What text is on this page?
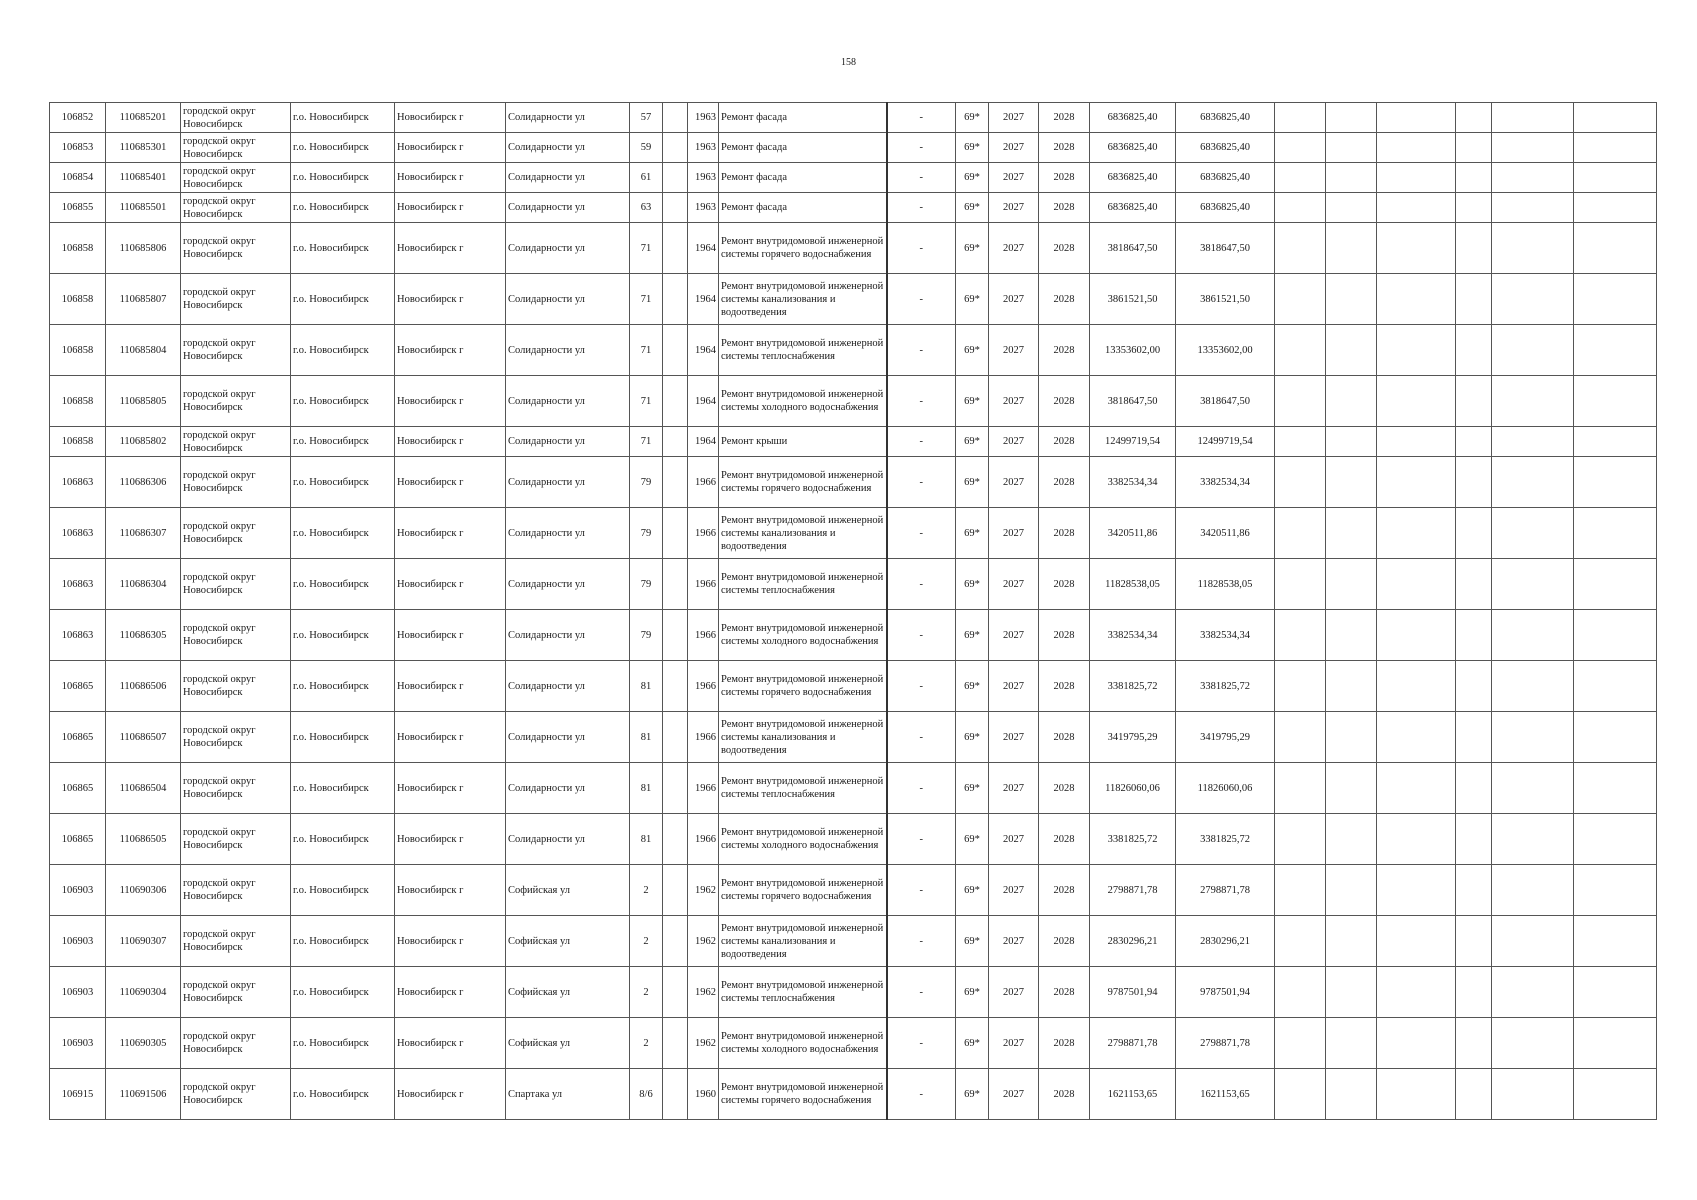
158
106852	110685201	городской округ Новосибирск	г.о. Новосибирск	Новосибирск г	Солидарности ул	57		1963	Ремонт фасада	-	69*	2027	2028	6836825,40	6836825,40						
106853	110685301	городской округ Новосибирск	г.о. Новосибирск	Новосибирск г	Солидарности ул	59		1963	Ремонт фасада	-	69*	2027	2028	6836825,40	6836825,40						
106854	110685401	городской округ Новосибирск	г.о. Новосибирск	Новосибирск г	Солидарности ул	61		1963	Ремонт фасада	-	69*	2027	2028	6836825,40	6836825,40						
106855	110685501	городской округ Новосибирск	г.о. Новосибирск	Новосибирск г	Солидарности ул	63		1963	Ремонт фасада	-	69*	2027	2028	6836825,40	6836825,40						
106858	110685806	городской округ Новосибирск	г.о. Новосибирск	Новосибирск г	Солидарности ул	71		1964	Ремонт внутридомовой инженерной системы горячего водоснабжения	-	69*	2027	2028	3818647,50	3818647,50						
106858	110685807	городской округ Новосибирск	г.о. Новосибирск	Новосибирск г	Солидарности ул	71		1964	Ремонт внутридомовой инженерной системы канализования и водоотведения	-	69*	2027	2028	3861521,50	3861521,50						
106858	110685804	городской округ Новосибирск	г.о. Новосибирск	Новосибирск г	Солидарности ул	71		1964	Ремонт внутридомовой инженерной системы теплоснабжения	-	69*	2027	2028	13353602,00	13353602,00						
106858	110685805	городской округ Новосибирск	г.о. Новосибирск	Новосибирск г	Солидарности ул	71		1964	Ремонт внутридомовой инженерной системы холодного водоснабжения	-	69*	2027	2028	3818647,50	3818647,50						
106858	110685802	городской округ Новосибирск	г.о. Новосибирск	Новосибирск г	Солидарности ул	71		1964	Ремонт крыши	-	69*	2027	2028	12499719,54	12499719,54						
106863	110686306	городской округ Новосибирск	г.о. Новосибирск	Новосибирск г	Солидарности ул	79		1966	Ремонт внутридомовой инженерной системы горячего водоснабжения	-	69*	2027	2028	3382534,34	3382534,34						
106863	110686307	городской округ Новосибирск	г.о. Новосибирск	Новосибирск г	Солидарности ул	79		1966	Ремонт внутридомовой инженерной системы канализования и водоотведения	-	69*	2027	2028	3420511,86	3420511,86						
106863	110686304	городской округ Новосибирск	г.о. Новосибирск	Новосибирск г	Солидарности ул	79		1966	Ремонт внутридомовой инженерной системы теплоснабжения	-	69*	2027	2028	11828538,05	11828538,05						
106863	110686305	городской округ Новосибирск	г.о. Новосибирск	Новосибирск г	Солидарности ул	79		1966	Ремонт внутридомовой инженерной системы холодного водоснабжения	-	69*	2027	2028	3382534,34	3382534,34						
106865	110686506	городской округ Новосибирск	г.о. Новосибирск	Новосибирск г	Солидарности ул	81		1966	Ремонт внутридомовой инженерной системы горячего водоснабжения	-	69*	2027	2028	3381825,72	3381825,72						
106865	110686507	городской округ Новосибирск	г.о. Новосибирск	Новосибирск г	Солидарности ул	81		1966	Ремонт внутридомовой инженерной системы канализования и водоотведения	-	69*	2027	2028	3419795,29	3419795,29						
106865	110686504	городской округ Новосибирск	г.о. Новосибирск	Новосибирск г	Солидарности ул	81		1966	Ремонт внутридомовой инженерной системы теплоснабжения	-	69*	2027	2028	11826060,06	11826060,06						
106865	110686505	городской округ Новосибирск	г.о. Новосибирск	Новосибирск г	Солидарности ул	81		1966	Ремонт внутридомовой инженерной системы холодного водоснабжения	-	69*	2027	2028	3381825,72	3381825,72						
106903	110690306	городской округ Новосибирск	г.о. Новосибирск	Новосибирск г	Софийская ул	2		1962	Ремонт внутридомовой инженерной системы горячего водоснабжения	-	69*	2027	2028	2798871,78	2798871,78						
106903	110690307	городской округ Новосибирск	г.о. Новосибирск	Новосибирск г	Софийская ул	2		1962	Ремонт внутридомовой инженерной системы канализования и водоотведения	-	69*	2027	2028	2830296,21	2830296,21						
106903	110690304	городской округ Новосибирск	г.о. Новосибирск	Новосибирск г	Софийская ул	2		1962	Ремонт внутридомовой инженерной системы теплоснабжения	-	69*	2027	2028	9787501,94	9787501,94						
106903	110690305	городской округ Новосибирск	г.о. Новосибирск	Новосибирск г	Софийская ул	2		1962	Ремонт внутридомовой инженерной системы холодного водоснабжения	-	69*	2027	2028	2798871,78	2798871,78						
106915	110691506	городской округ Новосибирск	г.о. Новосибирск	Новосибирск г	Спартака ул	8/6		1960	Ремонт внутридомовой инженерной системы горячего водоснабжения	-	69*	2027	2028	1621153,65	1621153,65						
